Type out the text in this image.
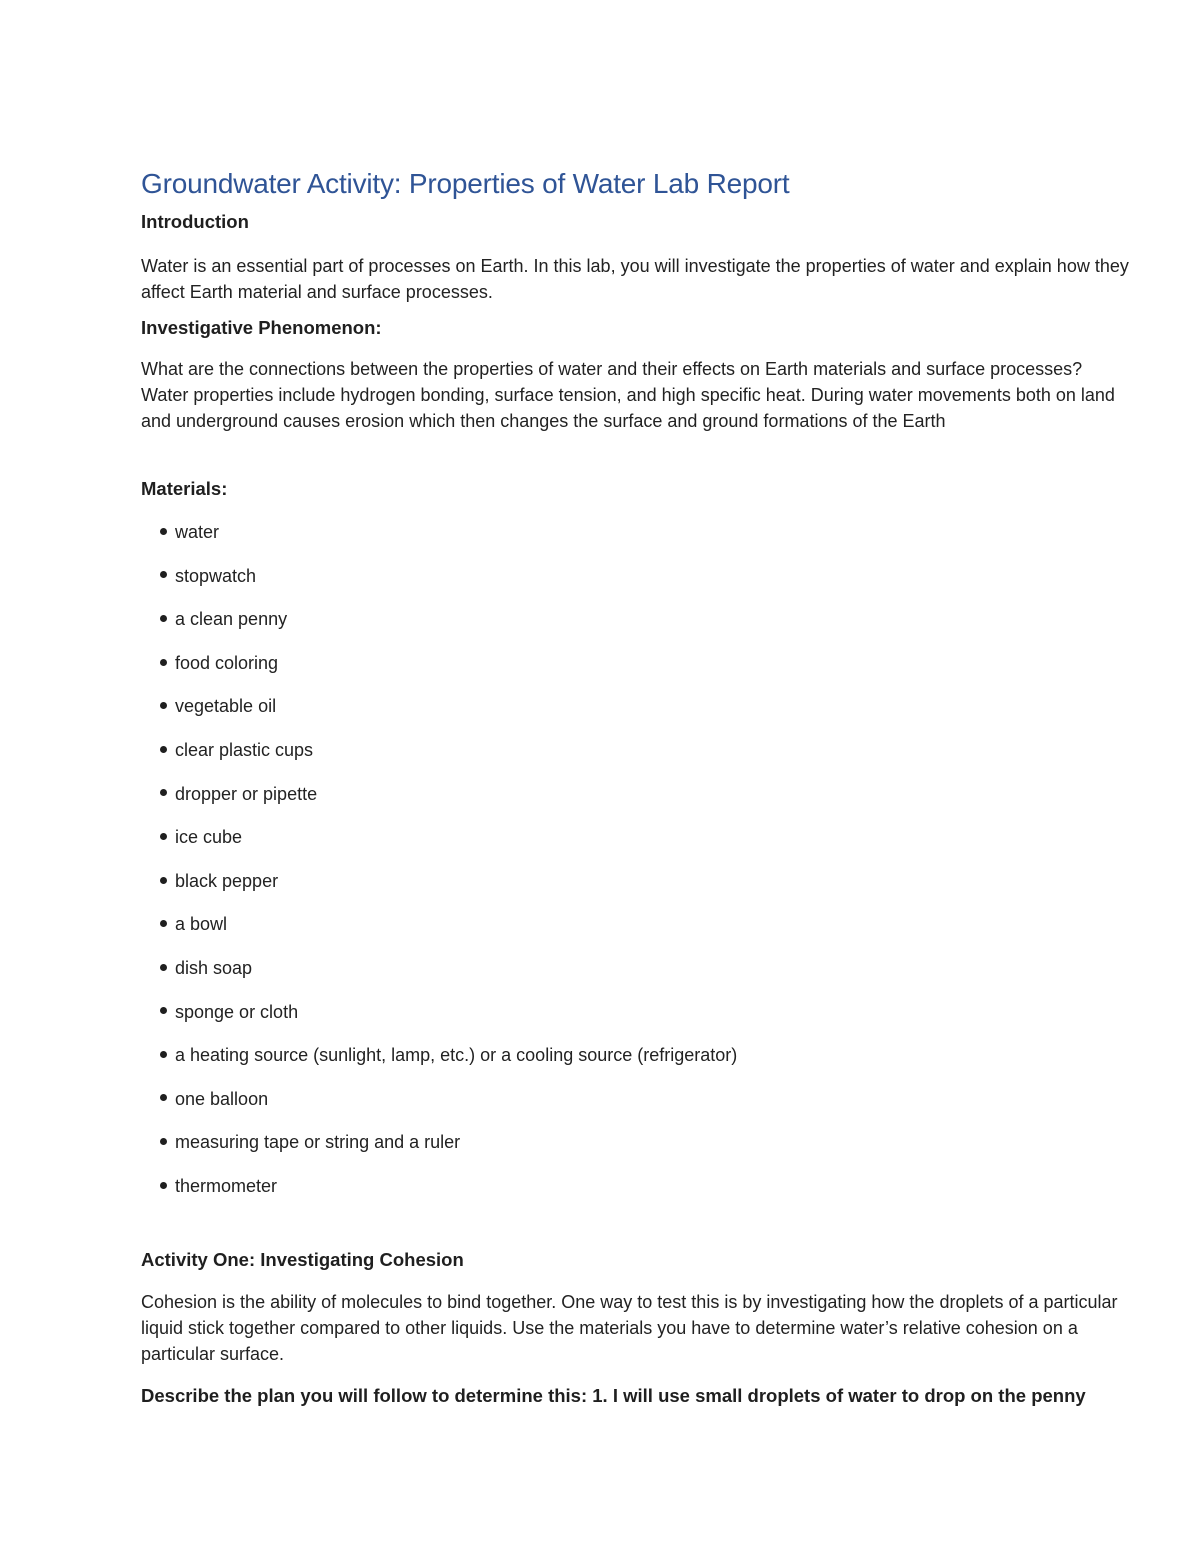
Groundwater Activity: Properties of Water Lab Report
Introduction

Water is an essential part of processes on Earth. In this lab, you will investigate the properties of water and explain how they affect Earth material and surface processes.

Investigative Phenomenon:

What are the connections between the properties of water and their effects on Earth materials and surface processes? Water properties include hydrogen bonding, surface tension, and high specific heat. During water movements both on land and underground causes erosion which then changes the surface and ground formations of the Earth

Materials:
water
stopwatch
a clean penny
food coloring
vegetable oil
clear plastic cups
dropper or pipette
ice cube
black pepper
a bowl
dish soap
sponge or cloth
a heating source (sunlight, lamp, etc.) or a cooling source (refrigerator)
one balloon
measuring tape or string and a ruler
thermometer
Activity One: Investigating Cohesion

Cohesion is the ability of molecules to bind together. One way to test this is by investigating how the droplets of a particular liquid stick together compared to other liquids. Use the materials you have to determine water’s relative cohesion on a particular surface.

Describe the plan you will follow to determine this: 1. I will use small droplets of water to drop on the penny
